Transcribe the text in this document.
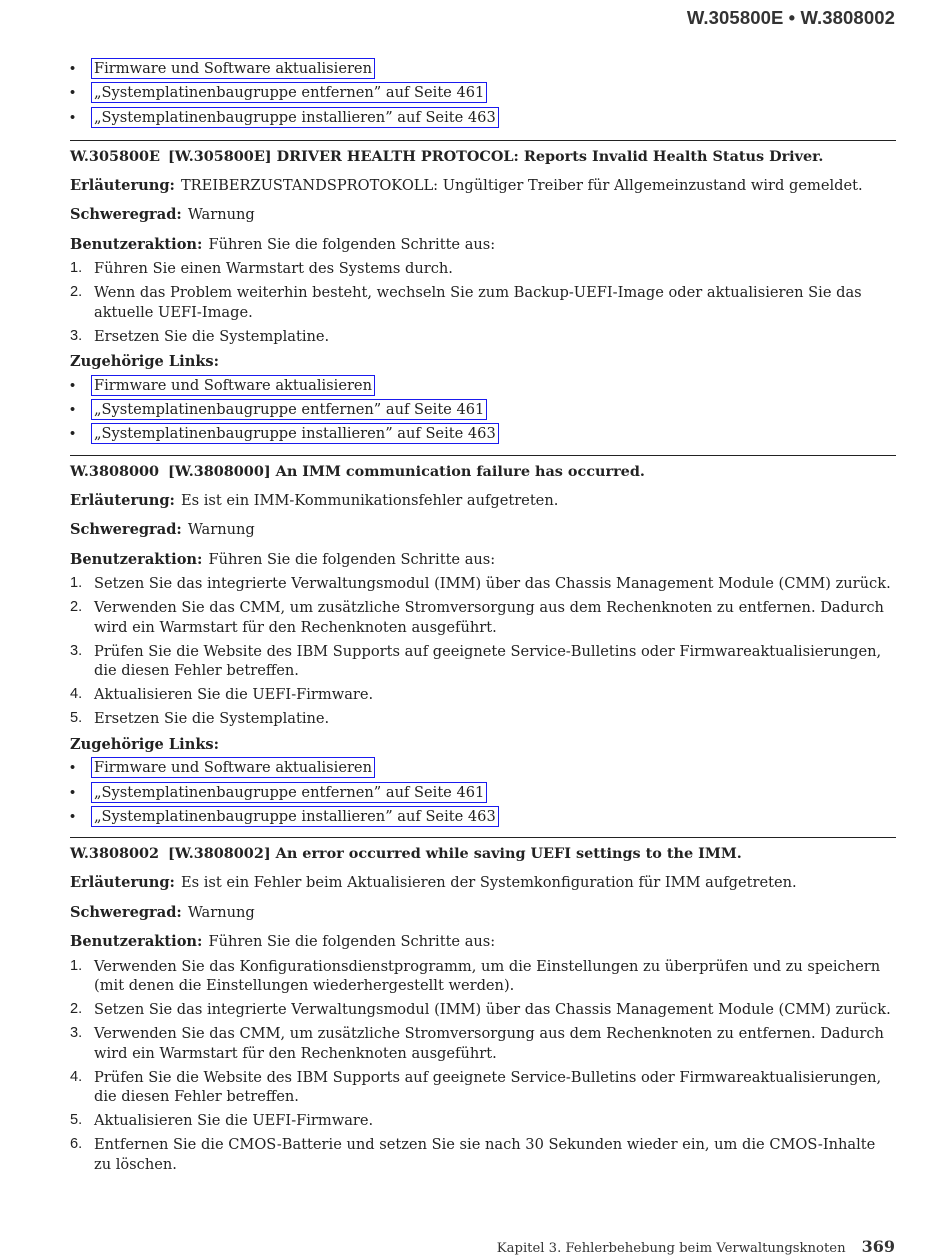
W.305800E • W.3808002
• Firmware und Software aktualisieren
• „Systemplatinenbaugruppe entfernen” auf Seite 461
• „Systemplatinenbaugruppe installieren” auf Seite 463
W.305800E [W.305800E] DRIVER HEALTH PROTOCOL: Reports Invalid Health Status Driver.

Erläuterung: TREIBERZUSTANDSPROTOKOLL: Ungültiger Treiber für Allgemeinzustand wird gemeldet.

Schweregrad: Warnung

Benutzeraktion: Führen Sie die folgenden Schritte aus:

1. Führen Sie einen Warmstart des Systems durch.
2. Wenn das Problem weiterhin besteht, wechseln Sie zum Backup-UEFI-Image oder aktualisieren Sie das aktuelle UEFI-Image.
3. Ersetzen Sie die Systemplatine.
Zugehörige Links:
• Firmware und Software aktualisieren
• „Systemplatinenbaugruppe entfernen” auf Seite 461
• „Systemplatinenbaugruppe installieren” auf Seite 463
W.3808000 [W.3808000] An IMM communication failure has occurred.

Erläuterung: Es ist ein IMM-Kommunikationsfehler aufgetreten.

Schweregrad: Warnung

Benutzeraktion: Führen Sie die folgenden Schritte aus:

1. Setzen Sie das integrierte Verwaltungsmodul (IMM) über das Chassis Management Module (CMM) zurück.
2. Verwenden Sie das CMM, um zusätzliche Stromversorgung aus dem Rechenknoten zu entfernen. Dadurch wird ein Warmstart für den Rechenknoten ausgeführt.
3. Prüfen Sie die Website des IBM Supports auf geeignete Service-Bulletins oder Firmwareaktualisierungen, die diesen Fehler betreffen.
4. Aktualisieren Sie die UEFI-Firmware.
5. Ersetzen Sie die Systemplatine.
Zugehörige Links:
• Firmware und Software aktualisieren
• „Systemplatinenbaugruppe entfernen” auf Seite 461
• „Systemplatinenbaugruppe installieren” auf Seite 463
W.3808002 [W.3808002] An error occurred while saving UEFI settings to the IMM.

Erläuterung: Es ist ein Fehler beim Aktualisieren der Systemkonfiguration für IMM aufgetreten.

Schweregrad: Warnung

Benutzeraktion: Führen Sie die folgenden Schritte aus:

1. Verwenden Sie das Konfigurationsdienstprogramm, um die Einstellungen zu überprüfen und zu speichern (mit denen die Einstellungen wiederhergestellt werden).
2. Setzen Sie das integrierte Verwaltungsmodul (IMM) über das Chassis Management Module (CMM) zurück.
3. Verwenden Sie das CMM, um zusätzliche Stromversorgung aus dem Rechenknoten zu entfernen. Dadurch wird ein Warmstart für den Rechenknoten ausgeführt.
4. Prüfen Sie die Website des IBM Supports auf geeignete Service-Bulletins oder Firmwareaktualisierungen, die diesen Fehler betreffen.
5. Aktualisieren Sie die UEFI-Firmware.
6. Entfernen Sie die CMOS-Batterie und setzen Sie sie nach 30 Sekunden wieder ein, um die CMOS-Inhalte zu löschen.
Kapitel 3. Fehlerbehebung beim Verwaltungsknoten 369
